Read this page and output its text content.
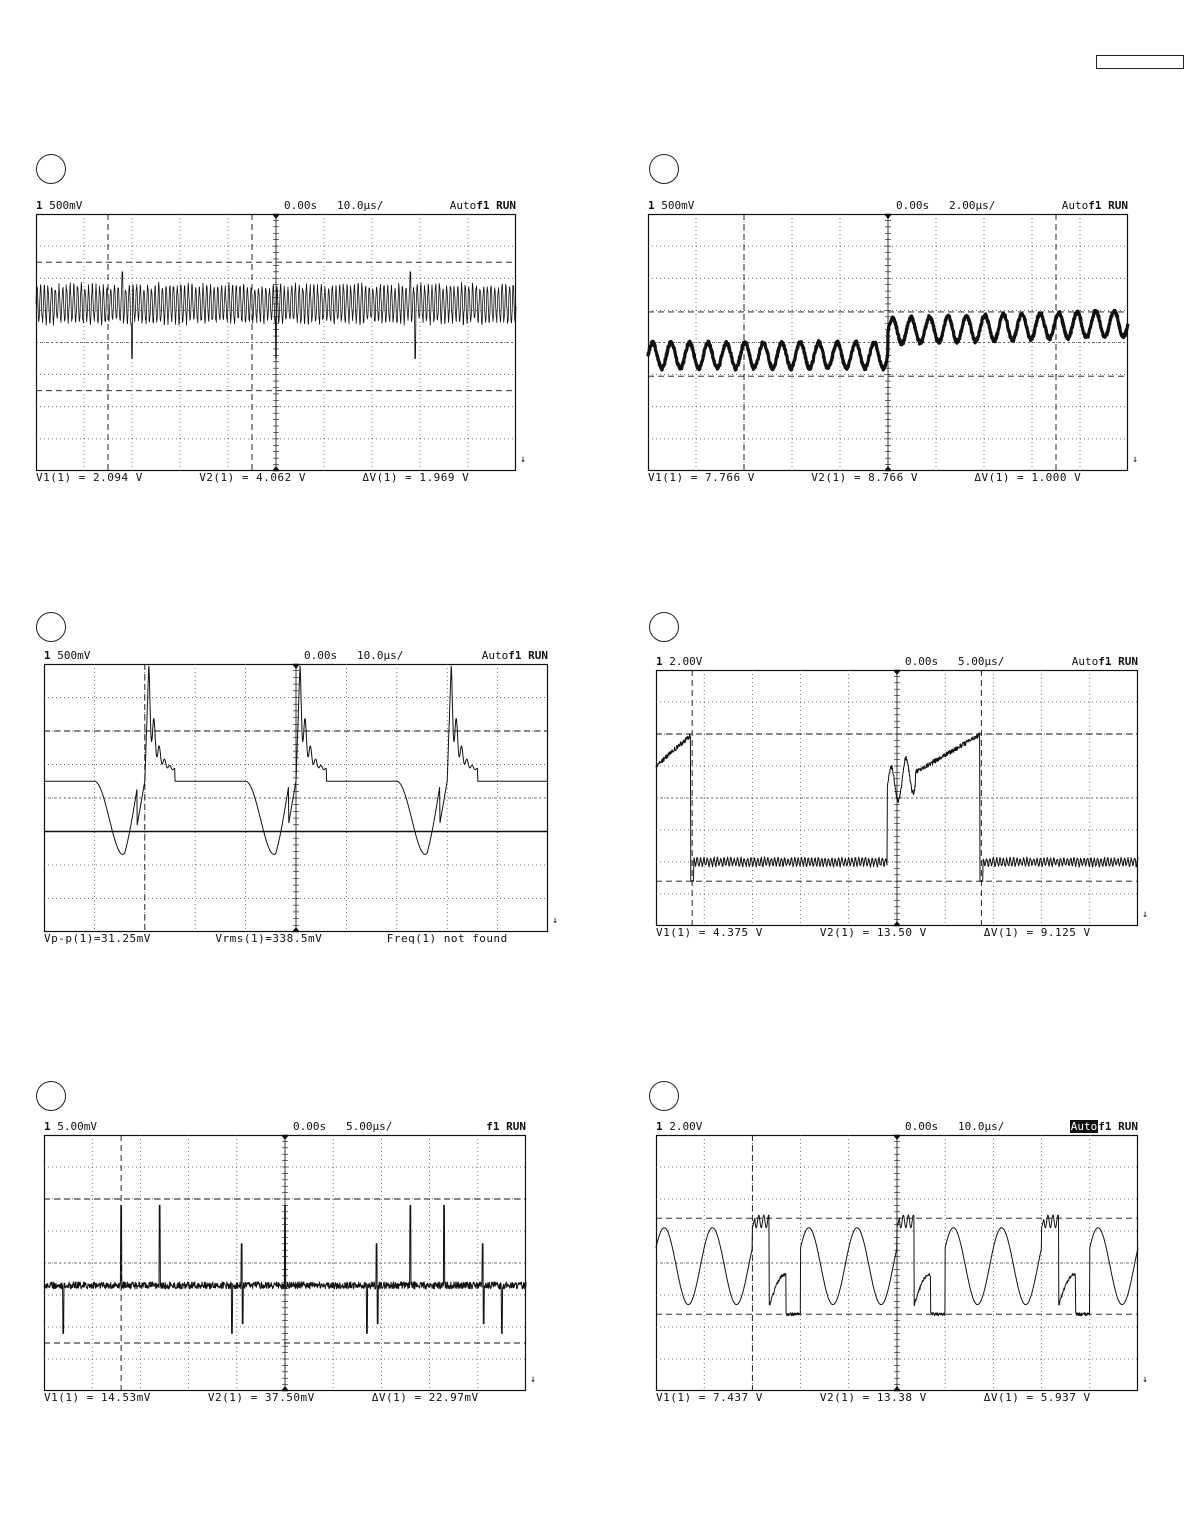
1 500mV	0.00s 10.0µs/	Autof1 RUN
↓
V1(1) = 2.094 V	V2(1) = 4.062 V	ΔV(1) = 1.969 V
1 500mV	0.00s 2.00µs/	Autof1 RUN
↓
V1(1) = 7.766 V	V2(1) = 8.766 V	ΔV(1) = 1.000 V
1 500mV	0.00s 10.0µs/	Autof1 RUN
↓
Vp-p(1)=31.25mV	Vrms(1)=338.5mV	Freq(1) not found
1 2.00V	0.00s 5.00µs/	Autof1 RUN
↓
V1(1) = 4.375 V	V2(1) = 13.50 V	ΔV(1) = 9.125 V
1 5.00mV	0.00s 5.00µs/	f1 RUN
↓
V1(1) = 14.53mV	V2(1) = 37.50mV	ΔV(1) = 22.97mV
1 2.00V	0.00s 10.0µs/	Autof1 RUN
↓
V1(1) = 7.437 V	V2(1) = 13.38 V	ΔV(1) = 5.937 V
